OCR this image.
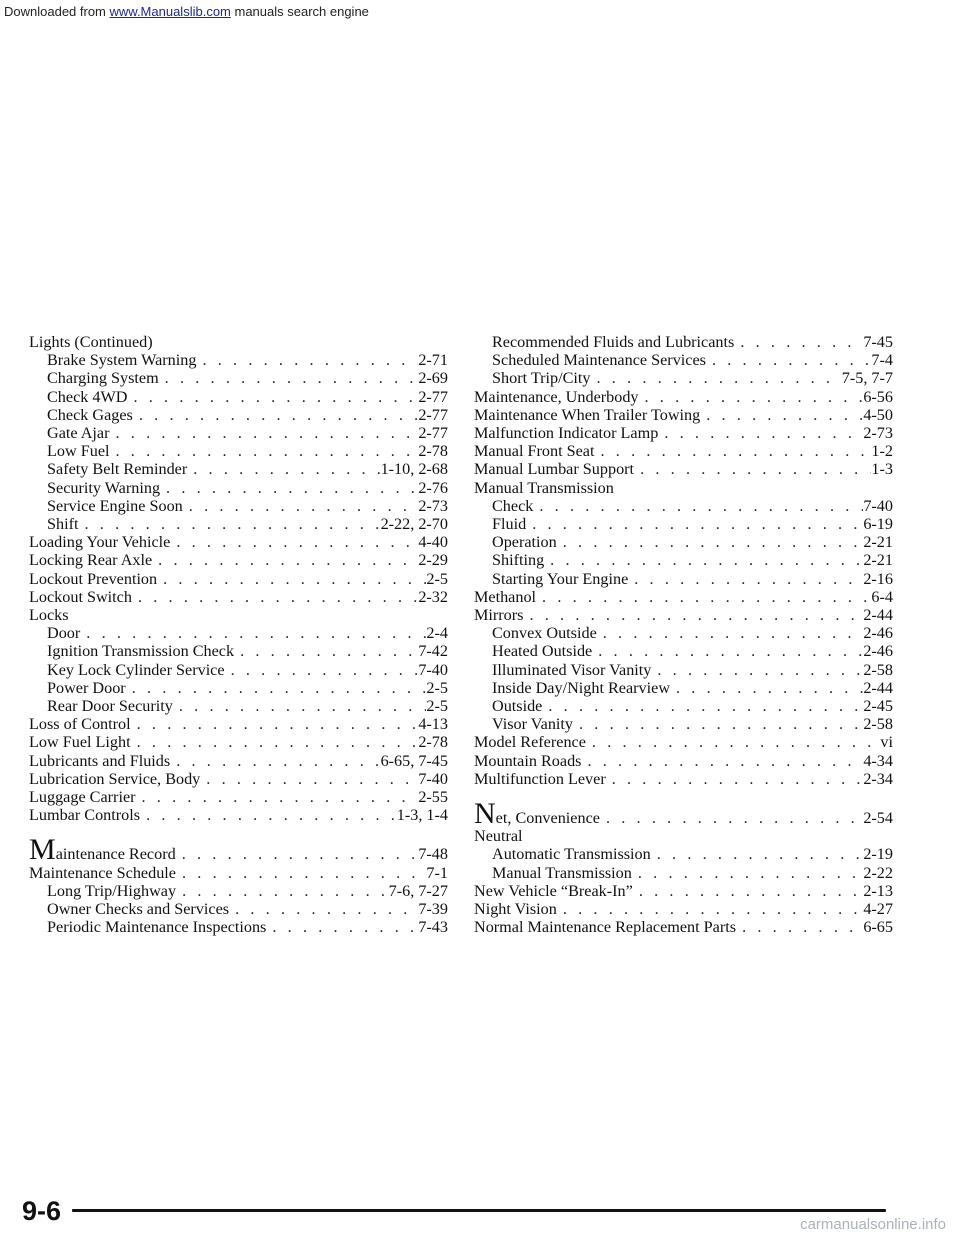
Downloaded from www.Manualslib.com manuals search engine
Lights (Continued)
Brake System Warning . . .	2-71
Charging System . . .	2-69
Check 4WD . . .	2-77
Check Gages . . .	2-77
Gate Ajar . . .	2-77
Low Fuel . . .	2-78
Safety Belt Reminder . . .	1-10, 2-68
Security Warning . . .	2-76
Service Engine Soon . . .	2-73
Shift . . .	2-22, 2-70
Loading Your Vehicle . . .	4-40
Locking Rear Axle . . .	2-29
Lockout Prevention . . .	2-5
Lockout Switch . . .	2-32
Locks
Door . . .	2-4
Ignition Transmission Check . . .	7-42
Key Lock Cylinder Service . . .	7-40
Power Door . . .	2-5
Rear Door Security . . .	2-5
Loss of Control . . .	4-13
Low Fuel Light . . .	2-78
Lubricants and Fluids . . .	6-65, 7-45
Lubrication Service, Body . . .	7-40
Luggage Carrier . . .	2-55
Lumbar Controls . . .	1-3, 1-4
Maintenance Record . . .	7-48
Maintenance Schedule . . .	7-1
Long Trip/Highway . . .	7-6, 7-27
Owner Checks and Services . . .	7-39
Periodic Maintenance Inspections . . .	7-43
Recommended Fluids and Lubricants . . .	7-45
Scheduled Maintenance Services . . .	7-4
Short Trip/City . . .	7-5, 7-7
Maintenance, Underbody . . .	6-56
Maintenance When Trailer Towing . . .	4-50
Malfunction Indicator Lamp . . .	2-73
Manual Front Seat . . .	1-2
Manual Lumbar Support . . .	1-3
Manual Transmission
Check . . .	7-40
Fluid . . .	6-19
Operation . . .	2-21
Shifting . . .	2-21
Starting Your Engine . . .	2-16
Methanol . . .	6-4
Mirrors . . .	2-44
Convex Outside . . .	2-46
Heated Outside . . .	2-46
Illuminated Visor Vanity . . .	2-58
Inside Day/Night Rearview . . .	2-44
Outside . . .	2-45
Visor Vanity . . .	2-58
Model Reference . . .	vi
Mountain Roads . . .	4-34
Multifunction Lever . . .	2-34
Net, Convenience . . .	2-54
Neutral
Automatic Transmission . . .	2-19
Manual Transmission . . .	2-22
New Vehicle “Break-In” . . .	2-13
Night Vision . . .	4-27
Normal Maintenance Replacement Parts . . .	6-65
9-6	carmanualsonline.info
